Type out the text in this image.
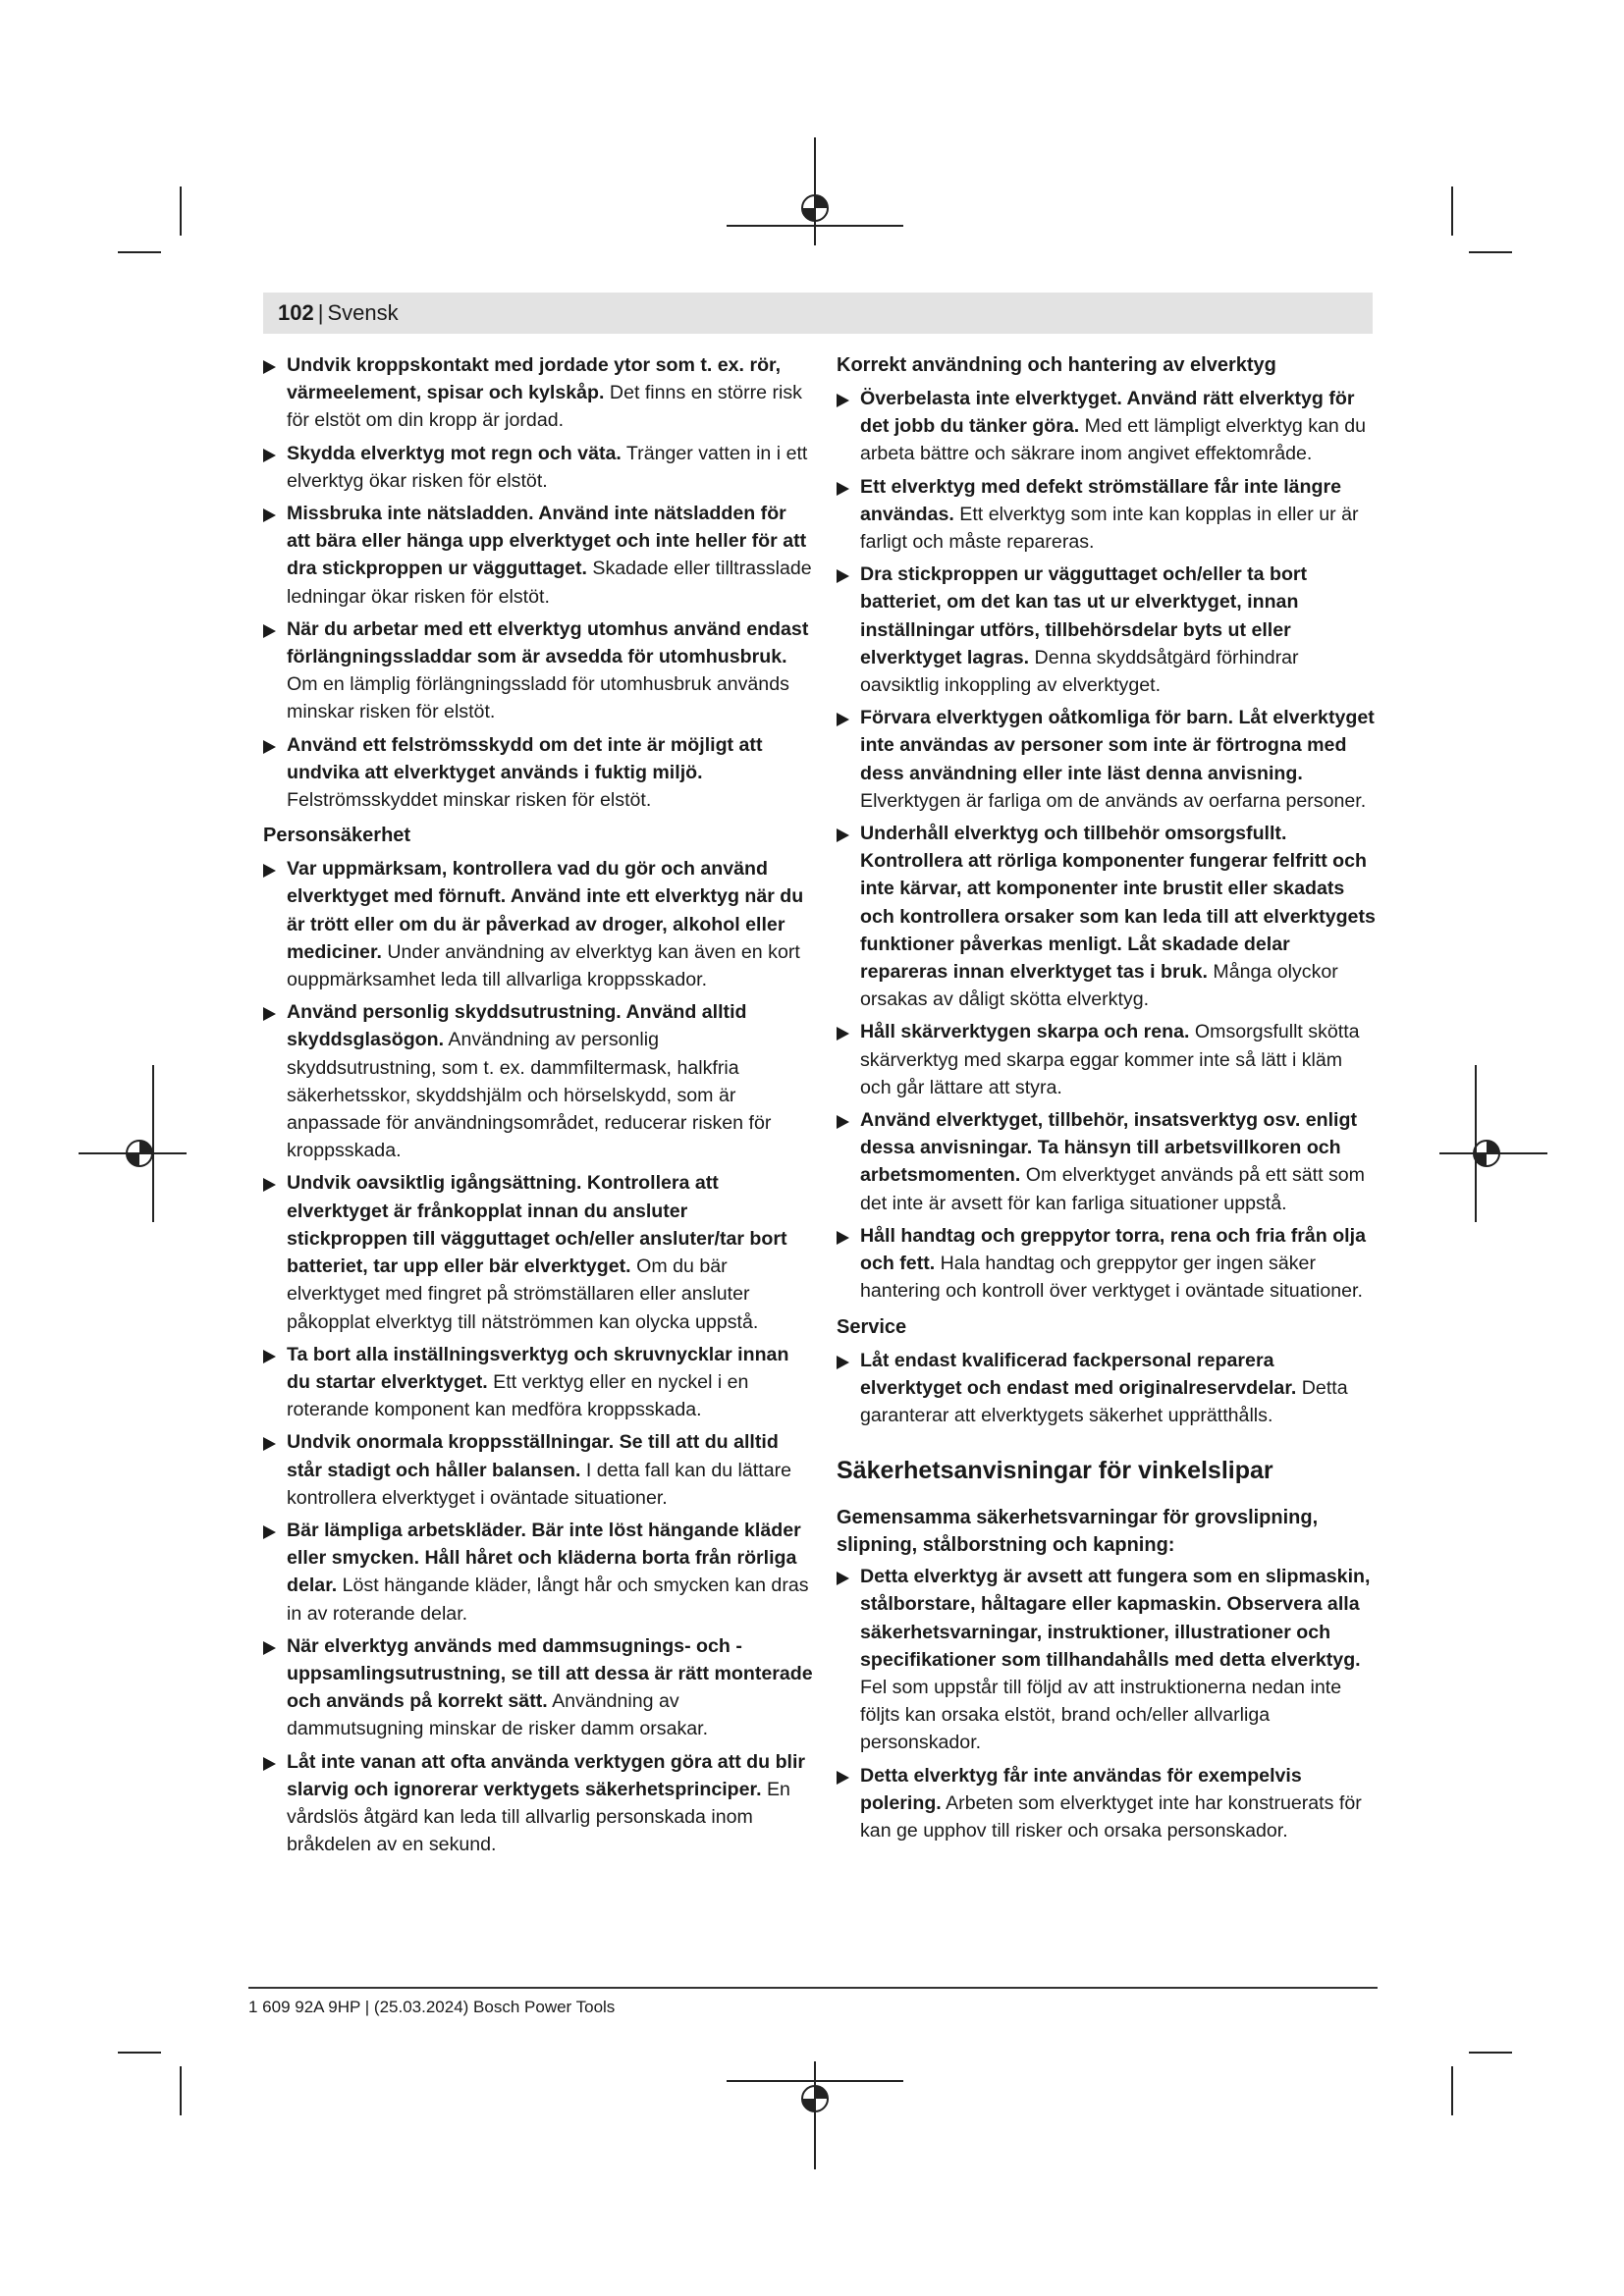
102 | Svensk
Undvik kroppskontakt med jordade ytor som t. ex. rör, värmeelement, spisar och kylskåp. Det finns en större risk för elstöt om din kropp är jordad.
Skydda elverktyg mot regn och väta. Tränger vatten in i ett elverktyg ökar risken för elstöt.
Missbruka inte nätsladden. Använd inte nätsladden för att bära eller hänga upp elverktyget och inte heller för att dra stickproppen ur vägguttaget. Skadade eller tilltrasslade ledningar ökar risken för elstöt.
När du arbetar med ett elverktyg utomhus använd endast förlängningssladdar som är avsedda för utomhusbruk. Om en lämplig förlängningssladd för utomhusbruk används minskar risken för elstöt.
Använd ett felströmsskydd om det inte är möjligt att undvika att elverktyget används i fuktig miljö. Felströmsskyddet minskar risken för elstöt.
Personsäkerhet
Var uppmärksam, kontrollera vad du gör och använd elverktyget med förnuft. Använd inte ett elverktyg när du är trött eller om du är påverkad av droger, alkohol eller mediciner. Under användning av elverktyg kan även en kort ouppmärksamhet leda till allvarliga kroppsskador.
Använd personlig skyddsutrustning. Använd alltid skyddsglasögon. Användning av personlig skyddsutrustning, som t. ex. dammfiltermask, halkfria säkerhetsskor, skyddshjälm och hörselskydd, som är anpassade för användningsområdet, reducerar risken för kroppsskada.
Undvik oavsiktlig igångsättning. Kontrollera att elverktyget är frånkopplat innan du ansluter stickproppen till vägguttaget och/eller ansluter/tar bort batteriet, tar upp eller bär elverktyget. Om du bär elverktyget med fingret på strömställaren eller ansluter påkopplat elverktyg till nätströmmen kan olycka uppstå.
Ta bort alla inställningsverktyg och skruvnycklar innan du startar elverktyget. Ett verktyg eller en nyckel i en roterande komponent kan medföra kroppsskada.
Undvik onormala kroppsställningar. Se till att du alltid står stadigt och håller balansen. I detta fall kan du lättare kontrollera elverktyget i oväntade situationer.
Bär lämpliga arbetskläder. Bär inte löst hängande kläder eller smycken. Håll håret och kläderna borta från rörliga delar. Löst hängande kläder, långt hår och smycken kan dras in av roterande delar.
När elverktyg används med dammsugnings- och -uppsamlingsutrustning, se till att dessa är rätt monterade och används på korrekt sätt. Användning av dammutsugning minskar de risker damm orsakar.
Låt inte vanan att ofta använda verktygen göra att du blir slarvig och ignorerar verktygets säkerhetsprinciper. En vårdslös åtgärd kan leda till allvarlig personskada inom bråkdelen av en sekund.
Korrekt användning och hantering av elverktyg
Överbelasta inte elverktyget. Använd rätt elverktyg för det jobb du tänker göra. Med ett lämpligt elverktyg kan du arbeta bättre och säkrare inom angivet effektområde.
Ett elverktyg med defekt strömställare får inte längre användas. Ett elverktyg som inte kan kopplas in eller ur är farligt och måste repareras.
Dra stickproppen ur vägguttaget och/eller ta bort batteriet, om det kan tas ut ur elverktyget, innan inställningar utförs, tillbehörsdelar byts ut eller elverktyget lagras. Denna skyddsåtgärd förhindrar oavsiktlig inkoppling av elverktyget.
Förvara elverktygen oåtkomliga för barn. Låt elverktyget inte användas av personer som inte är förtrogna med dess användning eller inte läst denna anvisning. Elverktygen är farliga om de används av oerfarna personer.
Underhåll elverktyg och tillbehör omsorgsfullt. Kontrollera att rörliga komponenter fungerar felfritt och inte kärvar, att komponenter inte brustit eller skadats och kontrollera orsaker som kan leda till att elverktygets funktioner påverkas menligt. Låt skadade delar repareras innan elverktyget tas i bruk. Många olyckor orsakas av dåligt skötta elverktyg.
Håll skärverktygen skarpa och rena. Omsorgsfullt skötta skärverktyg med skarpa eggar kommer inte så lätt i kläm och går lättare att styra.
Använd elverktyget, tillbehör, insatsverktyg osv. enligt dessa anvisningar. Ta hänsyn till arbetsvillkoren och arbetsmomenten. Om elverktyget används på ett sätt som det inte är avsett för kan farliga situationer uppstå.
Håll handtag och greppytor torra, rena och fria från olja och fett. Hala handtag och greppytor ger ingen säker hantering och kontroll över verktyget i oväntade situationer.
Service
Låt endast kvalificerad fackpersonal reparera elverktyget och endast med originalreservdelar. Detta garanterar att elverktygets säkerhet upprätthålls.
Säkerhetsanvisningar för vinkelslipar
Gemensamma säkerhetsvarningar för grovslipning, slipning, stålborstning och kapning:
Detta elverktyg är avsett att fungera som en slipmaskin, stålborstare, håltagare eller kapmaskin. Observera alla säkerhetsvarningar, instruktioner, illustrationer och specifikationer som tillhandahålls med detta elverktyg. Fel som uppstår till följd av att instruktionerna nedan inte följts kan orsaka elstöt, brand och/eller allvarliga personskador.
Detta elverktyg får inte användas för exempelvis polering. Arbeten som elverktyget inte har konstruerats för kan ge upphov till risker och orsaka personskador.
1 609 92A 9HP | (25.03.2024) Bosch Power Tools
